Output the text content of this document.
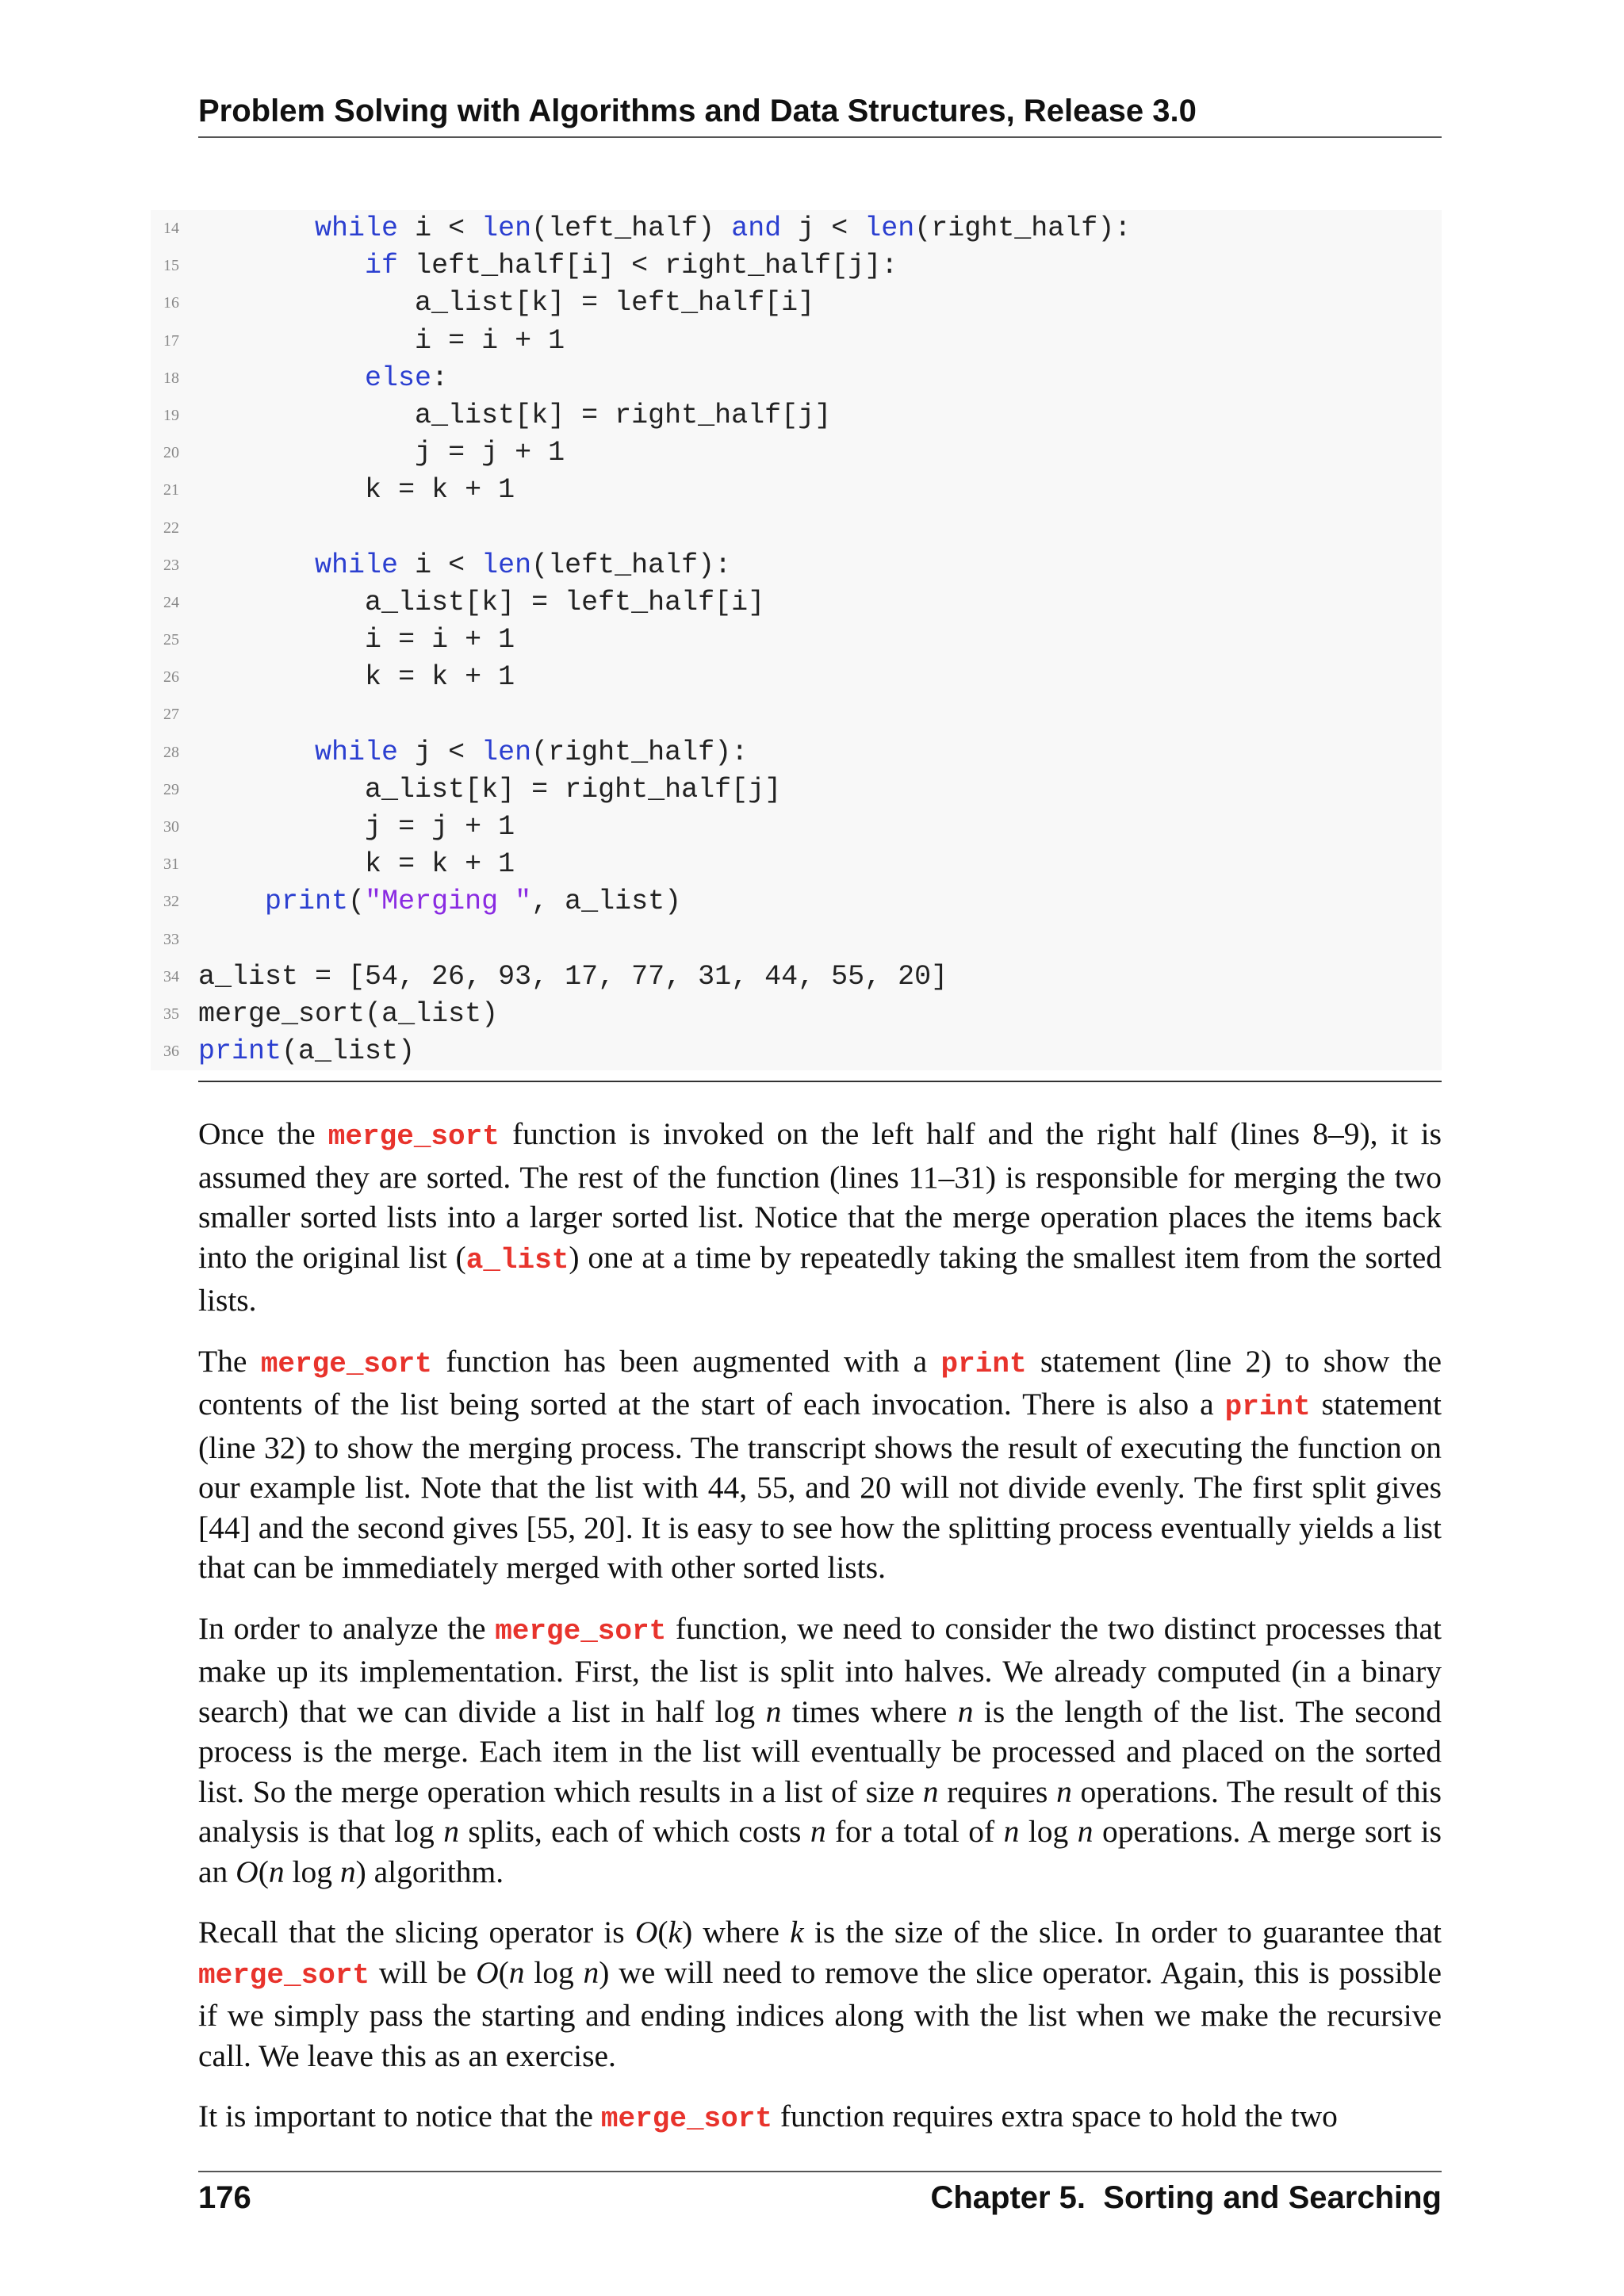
Problem Solving with Algorithms and Data Structures, Release 3.0
14	while i < len(left_half) and j < len(right_half):
15	if left_half[i] < right_half[j]:
16	a_list[k] = left_half[i]
17	i = i + 1
18	else:
19	a_list[k] = right_half[j]
20	j = j + 1
21	k = k + 1
22
23	while i < len(left_half):
24	a_list[k] = left_half[i]
25	i = i + 1
26	k = k + 1
27
28	while j < len(right_half):
29	a_list[k] = right_half[j]
30	j = j + 1
31	k = k + 1
32	print("Merging ", a_list)
33
34 a_list = [54, 26, 93, 17, 77, 31, 44, 55, 20]
35 merge_sort(a_list)
36 print(a_list)

Once the merge_sort function is invoked on the left half and the right half (lines 8–9), it is assumed they are sorted. The rest of the function (lines 11–31) is responsible for merging the two smaller sorted lists into a larger sorted list. Notice that the merge operation places the items back into the original list (a_list) one at a time by repeatedly taking the smallest item from the sorted lists.

The merge_sort function has been augmented with a print statement (line 2) to show the contents of the list being sorted at the start of each invocation. There is also a print statement (line 32) to show the merging process. The transcript shows the result of executing the function on our example list. Note that the list with 44, 55, and 20 will not divide evenly. The first split gives [44] and the second gives [55, 20]. It is easy to see how the splitting process eventually yields a list that can be immediately merged with other sorted lists.

In order to analyze the merge_sort function, we need to consider the two distinct processes that make up its implementation. First, the list is split into halves. We already computed (in a binary search) that we can divide a list in half log n times where n is the length of the list. The second process is the merge. Each item in the list will eventually be processed and placed on the sorted list. So the merge operation which results in a list of size n requires n operations. The result of this analysis is that log n splits, each of which costs n for a total of n log n operations. A merge sort is an O(n log n) algorithm.

Recall that the slicing operator is O(k) where k is the size of the slice. In order to guarantee that merge_sort will be O(n log n) we will need to remove the slice operator. Again, this is possible if we simply pass the starting and ending indices along with the list when we make the recursive call. We leave this as an exercise.

It is important to notice that the merge_sort function requires extra space to hold the two

176	Chapter 5.  Sorting and Searching
